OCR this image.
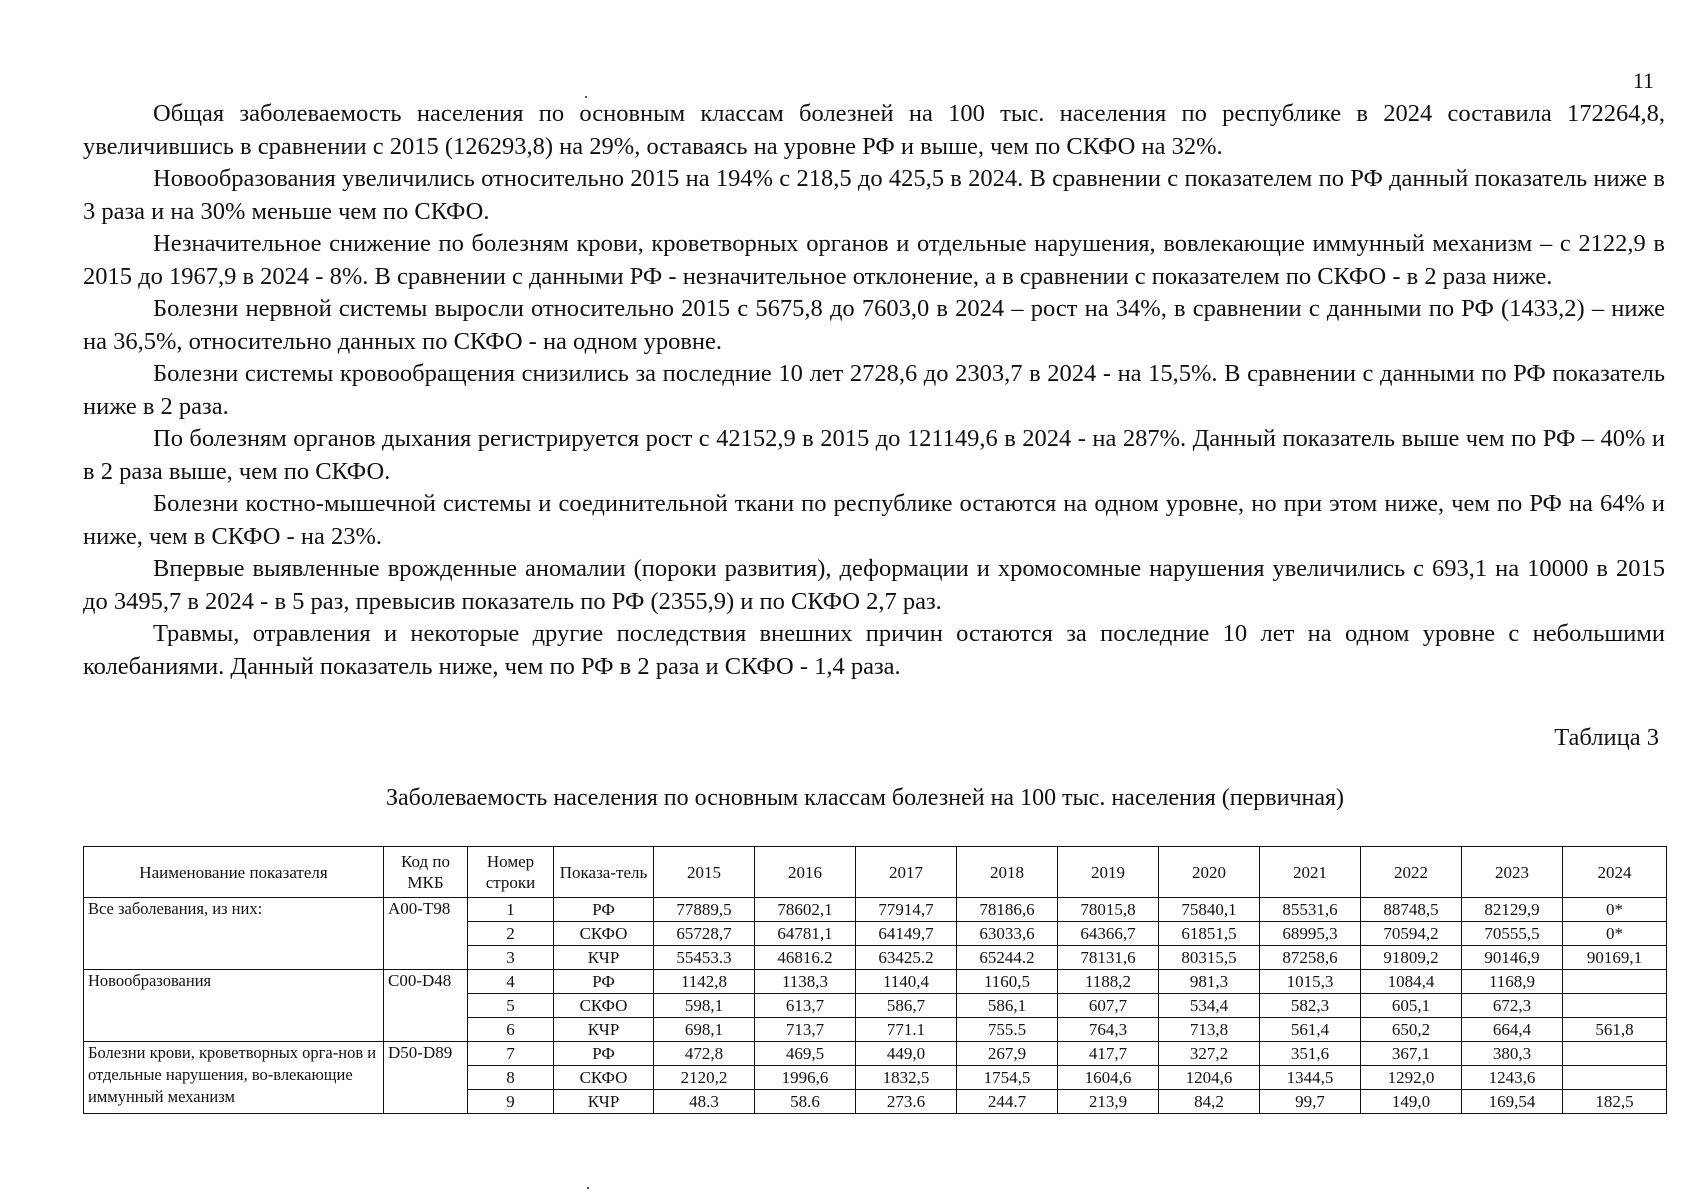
11

Общая заболеваемость населения по основным классам болезней на 100 тыс. населения по республике в 2024 составила 172264,8, увеличившись в сравнении с 2015 (126293,8) на 29%, оставаясь на уровне РФ и выше, чем по СКФО на 32%.

Новообразования увеличились относительно 2015 на 194% с 218,5 до 425,5 в 2024. В сравнении с показателем по РФ данный показатель ниже в 3 раза и на 30% меньше чем по СКФО.

Незначительное снижение по болезням крови, кроветворных органов и отдельные нарушения, вовлекающие иммунный механизм – с 2122,9 в 2015 до 1967,9 в 2024 - 8%. В сравнении с данными РФ - незначительное отклонение, а в сравнении с показателем по СКФО - в 2 раза ниже.

Болезни нервной системы выросли относительно 2015 с 5675,8 до 7603,0 в 2024 – рост на 34%, в сравнении с данными по РФ (1433,2) – ниже на 36,5%, относительно данных по СКФО - на одном уровне.

Болезни системы кровообращения снизились за последние 10 лет 2728,6 до 2303,7 в 2024 - на 15,5%. В сравнении с данными по РФ показатель ниже в 2 раза.

По болезням органов дыхания регистрируется рост с 42152,9 в 2015 до 121149,6 в 2024 - на 287%. Данный показатель выше чем по РФ – 40% и в 2 раза выше, чем по СКФО.

Болезни костно-мышечной системы и соединительной ткани по республике остаются на одном уровне, но при этом ниже, чем по РФ на 64% и ниже, чем в СКФО - на 23%.

Впервые выявленные врожденные аномалии (пороки развития), деформации и хромосомные нарушения увеличились с 693,1 на 10000 в 2015 до 3495,7 в 2024 - в 5 раз, превысив показатель по РФ (2355,9) и по СКФО 2,7 раз.

Травмы, отравления и некоторые другие последствия внешних причин остаются за последние 10 лет на одном уровне с небольшими колебаниями. Данный показатель ниже, чем по РФ в 2 раза и СКФО - 1,4 раза.

Таблица 3
Заболеваемость населения по основным классам болезней на 100 тыс. населения (первичная)
Наименование показателя	Код по МКБ	Номер строки	Показа-тель	2015	2016	2017	2018	2019	2020	2021	2022	2023	2024
Все заболевания, из них:	А00-Т98	1	РФ	77889,5	78602,1	77914,7	78186,6	78015,8	75840,1	85531,6	88748,5	82129,9	0*
		2	СКФО	65728,7	64781,1	64149,7	63033,6	64366,7	61851,5	68995,3	70594,2	70555,5	0*
		3	КЧР	55453.3	46816.2	63425.2	65244.2	78131,6	80315,5	87258,6	91809,2	90146,9	90169,1
Новообразования	С00-D48	4	РФ	1142,8	1138,3	1140,4	1160,5	1188,2	981,3	1015,3	1084,4	1168,9	
		5	СКФО	598,1	613,7	586,7	586,1	607,7	534,4	582,3	605,1	672,3	
		6	КЧР	698,1	713,7	771.1	755.5	764,3	713,8	561,4	650,2	664,4	561,8
Болезни крови, кроветворных орга-нов и отдельные нарушения, во-влекающие иммунный механизм	D50-D89	7	РФ	472,8	469,5	449,0	267,9	417,7	327,2	351,6	367,1	380,3	
		8	СКФО	2120,2	1996,6	1832,5	1754,5	1604,6	1204,6	1344,5	1292,0	1243,6	
		9	КЧР	48.3	58.6	273.6	244.7	213,9	84,2	99,7	149,0	169,54	182,5
